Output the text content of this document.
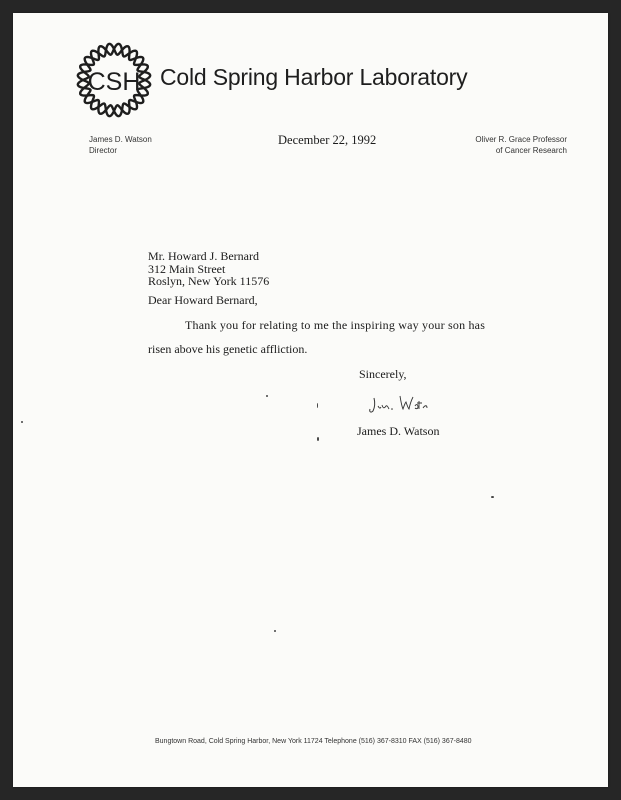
CSH Cold Spring Harbor Laboratory
James D. Watson
Director
December 22, 1992	Oliver R. Grace Professor
of Cancer Research
Mr. Howard J. Bernard
312 Main Street
Roslyn, New York 11576
Dear Howard Bernard,
Thank you for relating to me the inspiring way your son has
risen above his genetic affliction.
Sincerely,
James D. Watson
Bungtown Road, Cold Spring Harbor, New York 11724 Telephone (516) 367-8310 FAX (516) 367-8480
